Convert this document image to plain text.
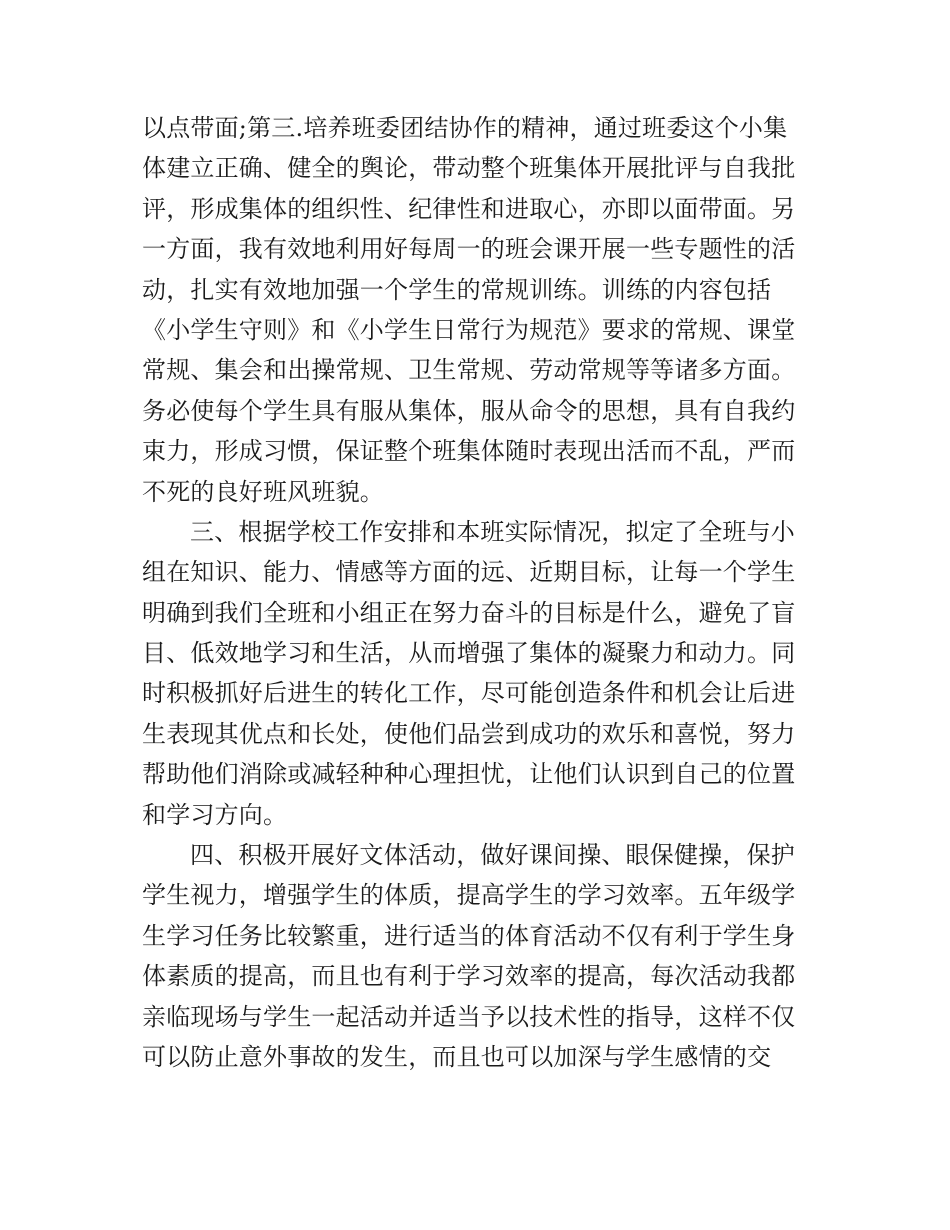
以点带面;第三.培养班委团结协作的精神，通过班委这个小集
体建立正确、健全的舆论，带动整个班集体开展批评与自我批
评，形成集体的组织性、纪律性和进取心，亦即以面带面。另
一方面，我有效地利用好每周一的班会课开展一些专题性的活
动，扎实有效地加强一个学生的常规训练。训练的内容包括
《小学生守则》和《小学生日常行为规范》要求的常规、课堂
常规、集会和出操常规、卫生常规、劳动常规等等诸多方面。
务必使每个学生具有服从集体，服从命令的思想，具有自我约
束力，形成习惯，保证整个班集体随时表现出活而不乱，严而
不死的良好班风班貌。
三、根据学校工作安排和本班实际情况，拟定了全班与小
组在知识、能力、情感等方面的远、近期目标，让每一个学生
明确到我们全班和小组正在努力奋斗的目标是什么，避免了盲
目、低效地学习和生活，从而增强了集体的凝聚力和动力。同
时积极抓好后进生的转化工作，尽可能创造条件和机会让后进
生表现其优点和长处，使他们品尝到成功的欢乐和喜悦，努力
帮助他们消除或减轻种种心理担忧，让他们认识到自己的位置
和学习方向。
四、积极开展好文体活动，做好课间操、眼保健操，保护
学生视力，增强学生的体质，提高学生的学习效率。五年级学
生学习任务比较繁重，进行适当的体育活动不仅有利于学生身
体素质的提高，而且也有利于学习效率的提高，每次活动我都
亲临现场与学生一起活动并适当予以技术性的指导，这样不仅
可以防止意外事故的发生，而且也可以加深与学生感情的交
